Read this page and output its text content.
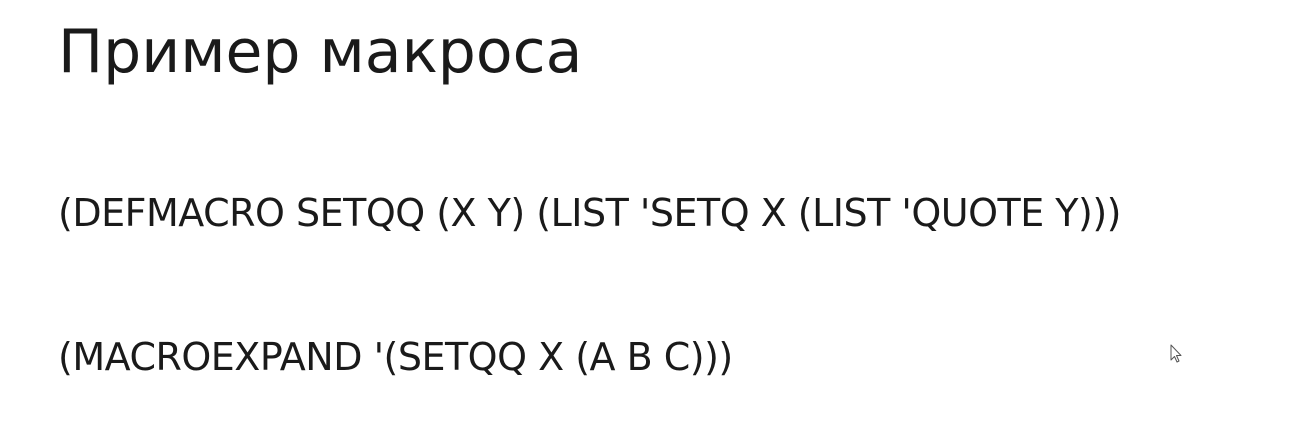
Пример макроса

(DEFMACRO SETQQ (X Y) (LIST 'SETQ X (LIST 'QUOTE Y)))

(MACROEXPAND '(SETQQ X (A B C)))
